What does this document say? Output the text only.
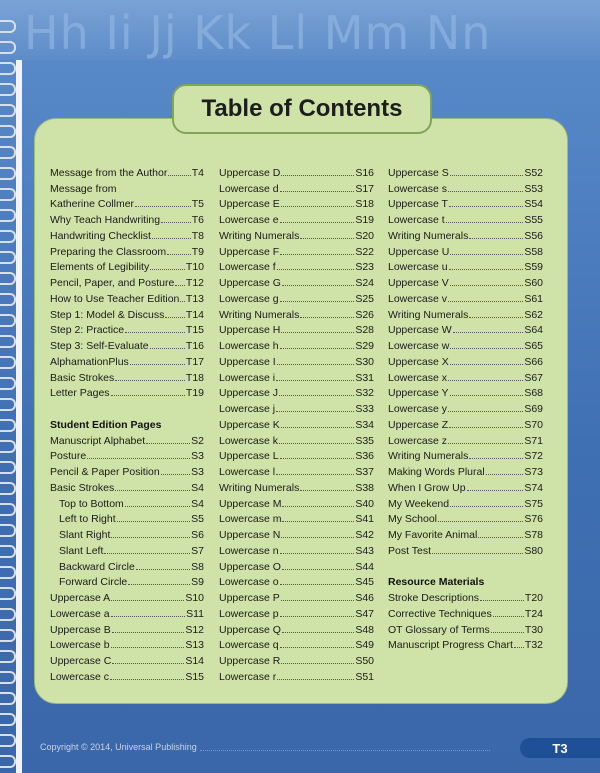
Hh Ii Jj Kk Ll Mm Nn
Table of Contents
Message from the Author T4
Message from
Katherine Collmer	T5
Why Teach Handwriting	T6
Handwriting Checklist	T8
Preparing the Classroom T9
Elements of Legibility	T10
Pencil, Paper, and Posture T12
How to Use Teacher Edition T13
Step 1: Model & Discuss T14
Step 2: Practice	T15
Step 3: Self-Evaluate	T16
AlphamationPlus	T17
Basic Strokes	T18
Letter Pages	T19
Student Edition Pages
Manuscript Alphabet	S2
Posture	S3
Pencil & Paper Position	S3
Basic Strokes	S4
Top to Bottom	S4
Left to Right	S5
Slant Right	S6
Slant Left	S7
Backward Circle	S8
Forward Circle	S9
Uppercase A	S10
Lowercase a	S11
Uppercase B	S12
Lowercase b	S13
Uppercase C	S14
Lowercase c	S15
Uppercase D	S16
Lowercase d	S17
Uppercase E	S18
Lowercase e	S19
Writing Numerals	S20
Uppercase F	S22
Lowercase f	S23
Uppercase G	S24
Lowercase g	S25
Writing Numerals	S26
Uppercase H	S28
Lowercase h	S29
Uppercase I	S30
Lowercase i	S31
Uppercase J	S32
Lowercase j	S33
Uppercase K	S34
Lowercase k	S35
Uppercase L	S36
Lowercase l	S37
Writing Numerals	S38
Uppercase M	S40
Lowercase m	S41
Uppercase N	S42
Lowercase n	S43
Uppercase O	S44
Lowercase o	S45
Uppercase P	S46
Lowercase p	S47
Uppercase Q	S48
Lowercase q	S49
Uppercase R	S50
Lowercase r	S51
Uppercase S	S52
Lowercase s	S53
Uppercase T	S54
Lowercase t	S55
Writing Numerals	S56
Uppercase U	S58
Lowercase u	S59
Uppercase V	S60
Lowercase v	S61
Writing Numerals	S62
Uppercase W	S64
Lowercase w	S65
Uppercase X	S66
Lowercase x	S67
Uppercase Y	S68
Lowercase y	S69
Uppercase Z	S70
Lowercase z	S71
Writing Numerals	S72
Making Words Plural	S73
When I Grow Up	S74
My Weekend	S75
My School	S76
My Favorite Animal	S78
Post Test	S80
Resource Materials
Stroke Descriptions	T20
Corrective Techniques	T24
OT Glossary of Terms	T30
Manuscript Progress Chart T32
Copyright © 2014, Universal Publishing	T3
